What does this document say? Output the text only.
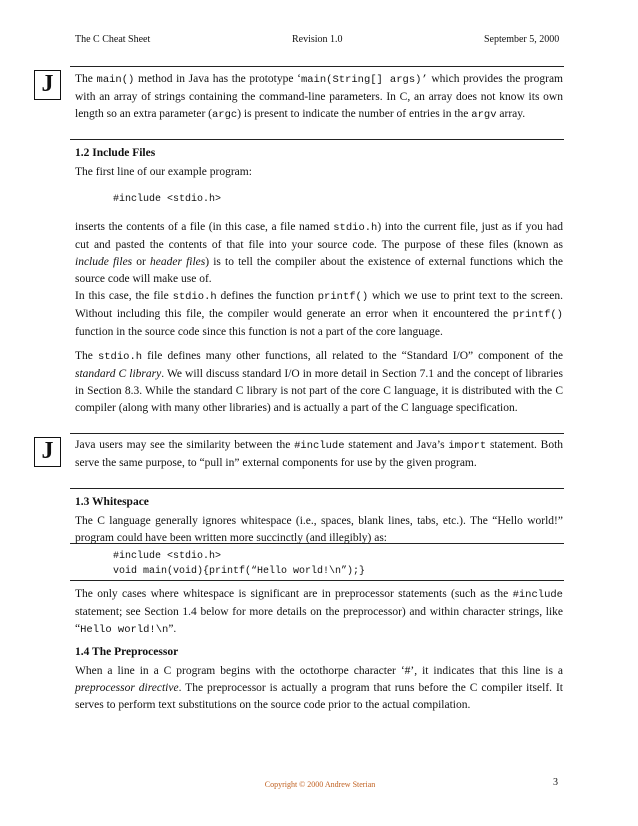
The C Cheat Sheet	Revision 1.0	September 5, 2000
J	The main() method in Java has the prototype ‘main(String[] args)’ which provides the program with an array of strings containing the command-line parameters. In C, an array does not know its own length so an extra parameter (argc) is present to indicate the number of entries in the argv array.

1.2 Include Files

The first line of our example program:

#include <stdio.h>

inserts the contents of a file (in this case, a file named stdio.h) into the current file, just as if you had cut and pasted the contents of that file into your source code. The purpose of these files (known as include files or header files) is to tell the compiler about the existence of external functions which the source code will make use of.

In this case, the file stdio.h defines the function printf() which we use to print text to the screen. Without including this file, the compiler would generate an error when it encountered the printf() function in the source code since this function is not a part of the core language.

The stdio.h file defines many other functions, all related to the “Standard I/O” component of the standard C library. We will discuss standard I/O in more detail in Section 7.1 and the concept of libraries in Section 8.3. While the standard C library is not part of the core C language, it is distributed with the C compiler (along with many other libraries) and is actually a part of the C language specification.

J	Java users may see the similarity between the #include statement and Java’s import statement. Both serve the same purpose, to “pull in” external components for use by the given program.

1.3 Whitespace

The C language generally ignores whitespace (i.e., spaces, blank lines, tabs, etc.). The “Hello world!” program could have been written more succinctly (and illegibly) as:

#include <stdio.h>
void main(void){printf(“Hello world!\n”);}

The only cases where whitespace is significant are in preprocessor statements (such as the #include statement; see Section 1.4 below for more details on the preprocessor) and within character strings, like “Hello world!\n”.

1.4 The Preprocessor

When a line in a C program begins with the octothorpe character ‘#’, it indicates that this line is a preprocessor directive. The preprocessor is actually a program that runs before the C compiler itself. It serves to perform text substitutions on the source code prior to the actual compilation.

Copyright © 2000 Andrew Sterian	3
